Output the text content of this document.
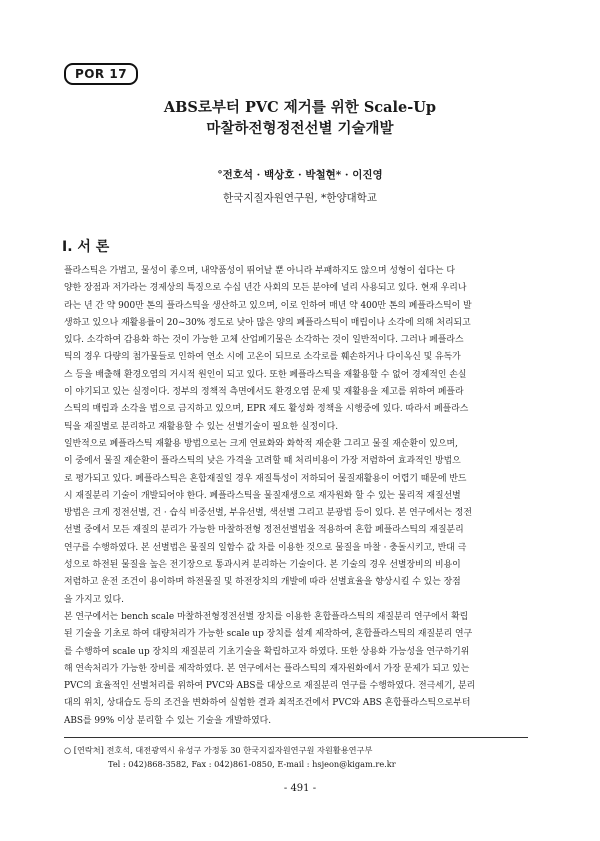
POR 17
ABS로부터 PVC 제거를 위한 Scale-Up
마찰하전형정전선별 기술개발
°전호석 · 백상호 · 박철현* · 이진영
한국지질자원연구원, *한양대학교
I. 서 론

플라스틱은 가볍고, 물성이 좋으며, 내약품성이 뛰어날 뿐 아니라 부패하지도 않으며 성형이 쉽다는 다

양한 장점과 저가라는 경제상의 특징으로 수십 년간 사회의 모든 분야에 널리 사용되고 있다. 현재 우리나

라는 년 간 약 900만 톤의 플라스틱을 생산하고 있으며, 이로 인하여 매년 약 400만 톤의 폐플라스틱이 발

생하고 있으나 재활용률이 20~30% 정도로 낮아 많은 양의 폐플라스틱이 매립이나 소각에 의해 처리되고

있다. 소각하여 감용화 하는 것이 가능한 고체 산업폐기물은 소각하는 것이 일반적이다. 그러나 폐플라스

틱의 경우 다량의 첨가물들로 인하여 연소 시에 고온이 되므로 소각로를 훼손하거나 다이옥신 및 유독가

스 등을 배출해 환경오염의 거시적 원인이 되고 있다. 또한 폐플라스틱을 재활용할 수 없어 경제적인 손실

이 야기되고 있는 실정이다. 정부의 정책적 측면에서도 환경오염 문제 및 재활용을 제고를 위하여 폐플라

스틱의 매립과 소각을 법으로 금지하고 있으며, EPR 제도 활성화 정책을 시행중에 있다. 따라서 폐플라스

틱을 재질별로 분리하고 재활용할 수 있는 선별기술이 필요한 실정이다.

일반적으로 폐플라스틱 재활용 방법으로는 크게 연료화와 화학적 재순환 그리고 물질 재순환이 있으며,

이 중에서 물질 재순환이 플라스틱의 낮은 가격을 고려할 때 처리비용이 가장 저렴하여 효과적인 방법으

로 평가되고 있다. 폐플라스틱은 혼합재질일 경우 재질특성이 저하되어 물질재활용이 어렵기 때문에 반드

시 재질분리 기술이 개발되어야 한다. 폐플라스틱을 물질재생으로 재자원화 할 수 있는 물리적 재질선별

방법은 크게 정전선별, 건 · 습식 비중선별, 부유선별, 색선별 그리고 분광법 등이 있다. 본 연구에서는 정전

선별 중에서 모든 재질의 분리가 가능한 마찰하전형 정전선별법을 적용하여 혼합 폐플라스틱의 재질분리

연구를 수행하였다. 본 선별법은 물질의 일함수 값 차를 이용한 것으로 물질을 마찰 · 충돌시키고, 반대 극

성으로 하전된 물질을 높은 전기장으로 통과시켜 분리하는 기술이다. 본 기술의 경우 선별장비의 비용이

저렴하고 운전 조건이 용이하며 하전물질 및 하전장치의 개발에 따라 선별효율을 향상시킬 수 있는 장점

을 가지고 있다.

본 연구에서는 bench scale 마찰하전형정전선별 장치를 이용한 혼합플라스틱의 재질분리 연구에서 확립

된 기술을 기초로 하여 대량처리가 가능한 scale up 장치를 설계 제작하여, 혼합플라스틱의 재질분리 연구

를 수행하여 scale up 장치의 재질분리 기초기술을 확립하고자 하였다. 또한 상용화 가능성을 연구하기위

해 연속처리가 가능한 장비를 제작하였다. 본 연구에서는 플라스틱의 재자원화에서 가장 문제가 되고 있는

PVC의 효율적인 선별처리를 위하여 PVC와 ABS를 대상으로 재질분리 연구를 수행하였다. 전극세기, 분리

대의 위치, 상대습도 등의 조건을 변화하여 실험한 결과 최적조건에서 PVC와 ABS 혼합플라스틱으로부터

ABS를 99% 이상 분리할 수 있는 기술을 개발하였다.

○ [연락처] 전호석, 대전광역시 유성구 가정동 30 한국지질자원연구원 자원활용연구부
Tel : 042)868-3582, Fax : 042)861-0850, E-mail : hsjeon@kigam.re.kr
- 491 -
